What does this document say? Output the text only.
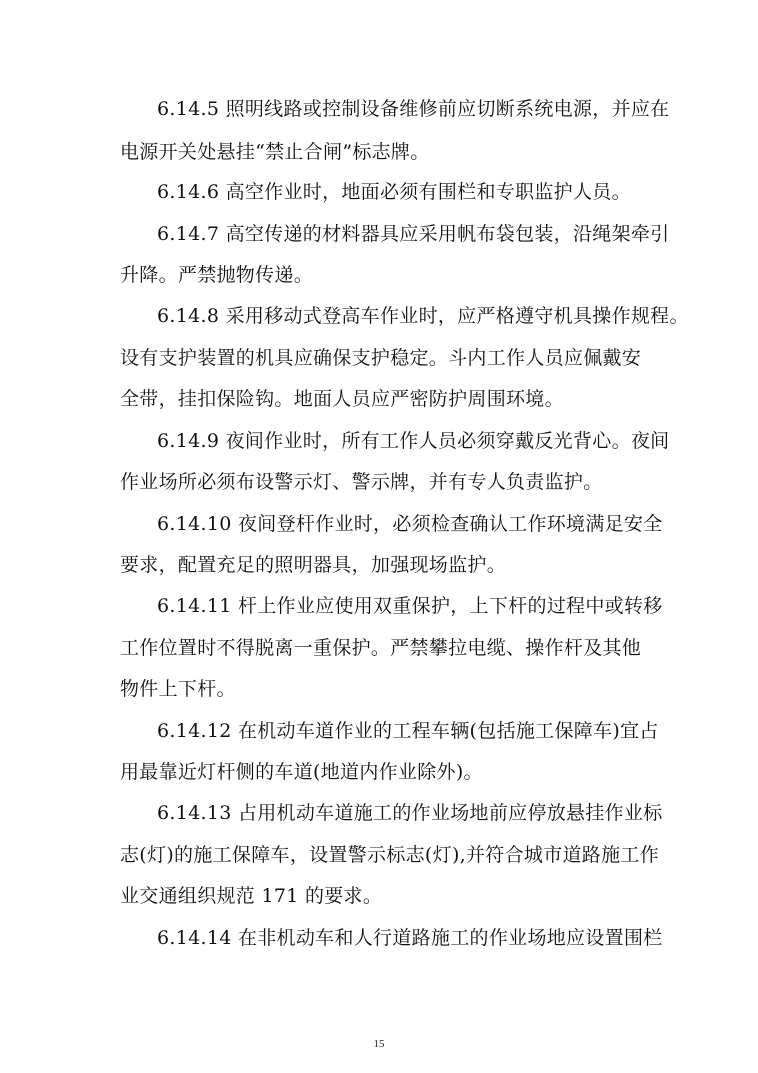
6.14.5 照明线路或控制设备维修前应切断系统电源，并应在
电源开关处悬挂“禁止合闸”标志牌。
6.14.6 高空作业时，地面必须有围栏和专职监护人员。
6.14.7 高空传递的材料器具应采用帆布袋包装，沿绳架牵引
升降。严禁抛物传递。
6.14.8 采用移动式登高车作业时，应严格遵守机具操作规程。
设有支护装置的机具应确保支护稳定。斗内工作人员应佩戴安
全带，挂扣保险钩。地面人员应严密防护周围环境。
6.14.9 夜间作业时，所有工作人员必须穿戴反光背心。夜间
作业场所必须布设警示灯、警示牌，并有专人负责监护。
6.14.10 夜间登杆作业时，必须检查确认工作环境满足安全
要求，配置充足的照明器具，加强现场监护。
6.14.11 杆上作业应使用双重保护，上下杆的过程中或转移
工作位置时不得脱离一重保护。严禁攀拉电缆、操作杆及其他
物件上下杆。
6.14.12 在机动车道作业的工程车辆(包括施工保障车)宜占
用最靠近灯杆侧的车道(地道内作业除外)。
6.14.13 占用机动车道施工的作业场地前应停放悬挂作业标
志(灯)的施工保障车，设置警示标志(灯),并符合城市道路施工作
业交通组织规范 171 的要求。
6.14.14 在非机动车和人行道路施工的作业场地应设置围栏
15
